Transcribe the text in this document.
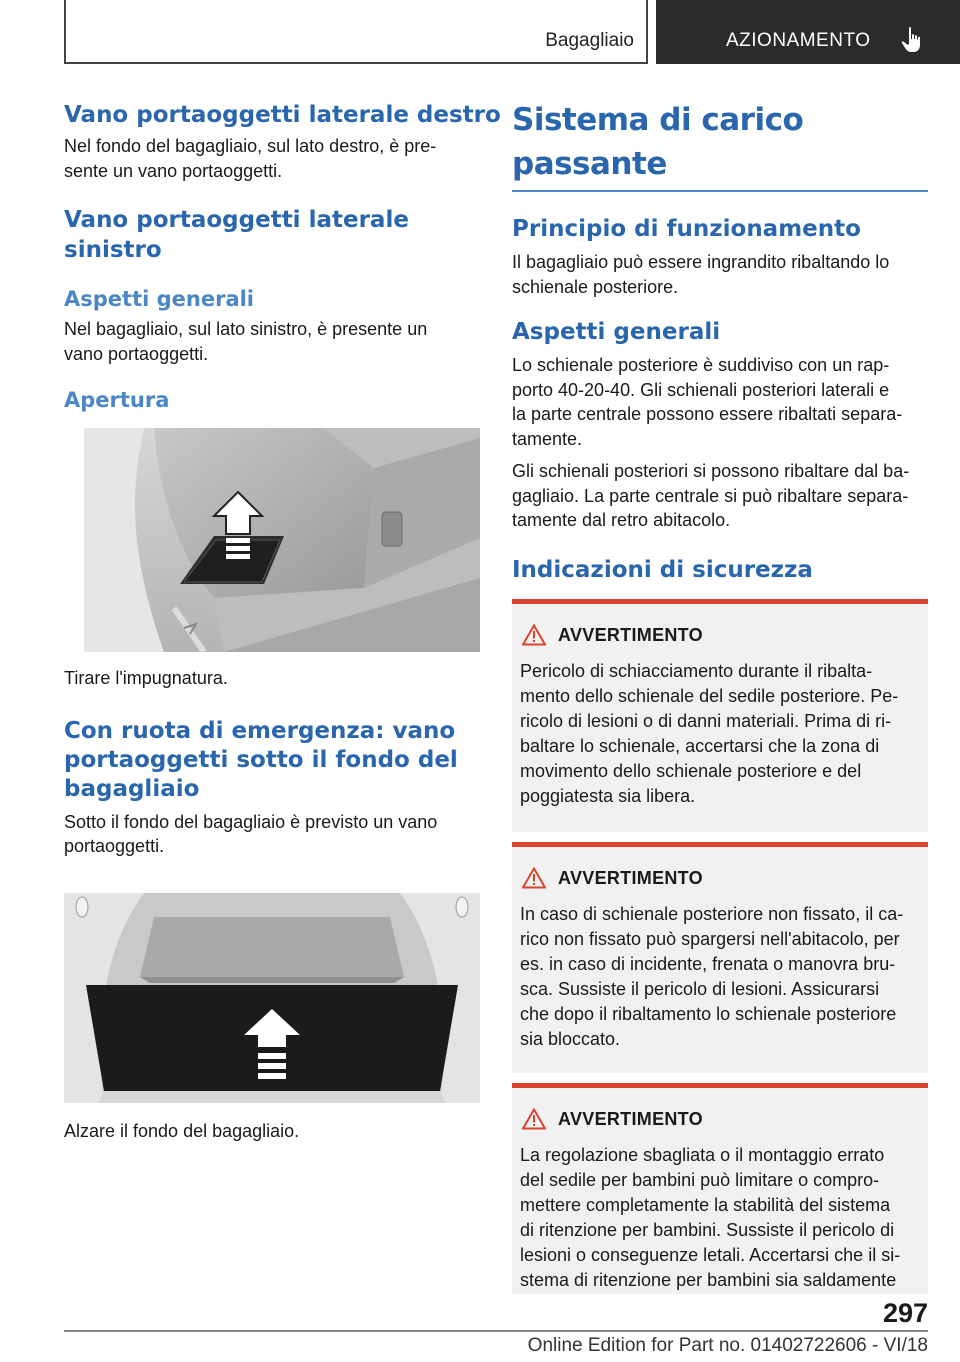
Bagagliaio	AZIONAMENTO
Vano portaoggetti laterale destro
Nel fondo del bagagliaio, sul lato destro, è pre-
sente un vano portaoggetti.
Vano portaoggetti laterale
sinistro
Aspetti generali
Nel bagagliaio, sul lato sinistro, è presente un
vano portaoggetti.
Apertura
Tirare l'impugnatura.
Con ruota di emergenza: vano
portaoggetti sotto il fondo del
bagagliaio
Sotto il fondo del bagagliaio è previsto un vano
portaoggetti.
Alzare il fondo del bagagliaio.
Sistema di carico passante
Principio di funzionamento
Il bagagliaio può essere ingrandito ribaltando lo
schienale posteriore.
Aspetti generali
Lo schienale posteriore è suddiviso con un rap-
porto 40-20-40. Gli schienali posteriori laterali e
la parte centrale possono essere ribaltati separa-
tamente.
Gli schienali posteriori si possono ribaltare dal ba-
gagliaio. La parte centrale si può ribaltare separa-
tamente dal retro abitacolo.
Indicazioni di sicurezza
AVVERTIMENTO
Pericolo di schiacciamento durante il ribalta-
mento dello schienale del sedile posteriore. Pe-
ricolo di lesioni o di danni materiali. Prima di ri-
baltare lo schienale, accertarsi che la zona di
movimento dello schienale posteriore e del
poggiatesta sia libera.
AVVERTIMENTO
In caso di schienale posteriore non fissato, il ca-
rico non fissato può spargersi nell'abitacolo, per
es. in caso di incidente, frenata o manovra bru-
sca. Sussiste il pericolo di lesioni. Assicurarsi
che dopo il ribaltamento lo schienale posteriore
sia bloccato.
AVVERTIMENTO
La regolazione sbagliata o il montaggio errato
del sedile per bambini può limitare o compro-
mettere completamente la stabilità del sistema
di ritenzione per bambini. Sussiste il pericolo di
lesioni o conseguenze letali. Accertarsi che il si-
stema di ritenzione per bambini sia saldamente
297
Online Edition for Part no. 01402722606 - VI/18
